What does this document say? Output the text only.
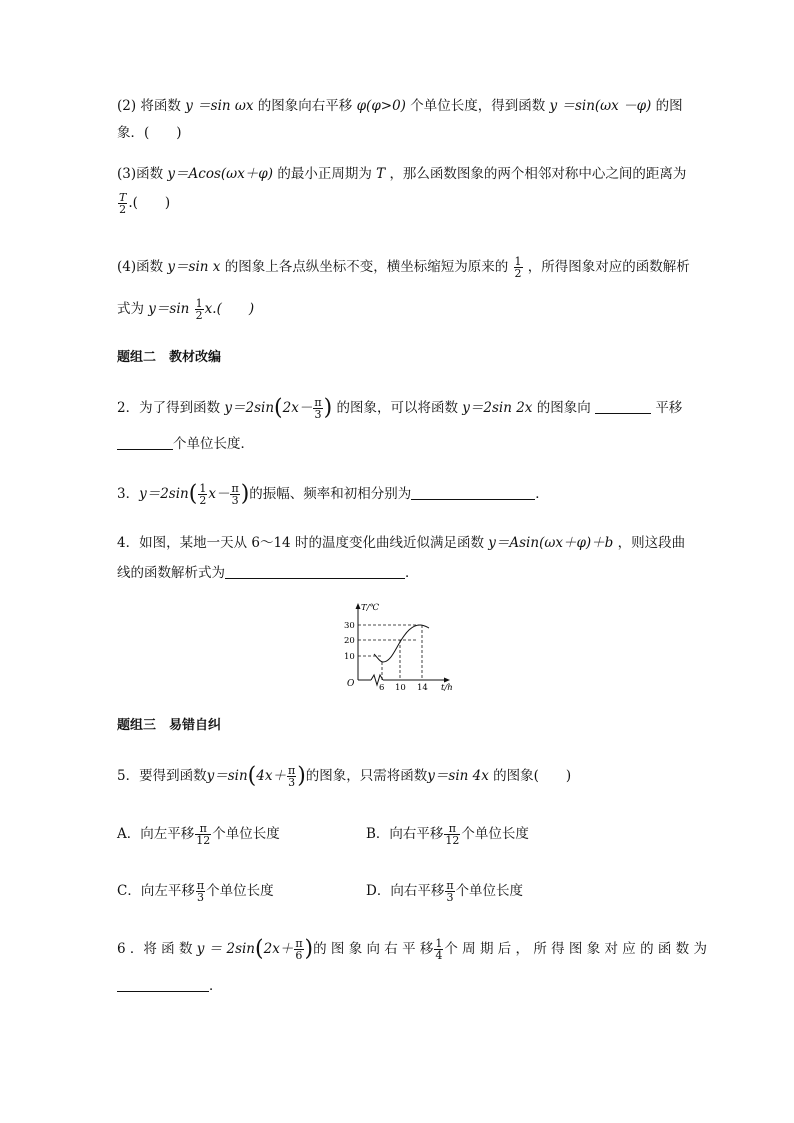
(2) 将函数 y ＝sin ωx 的图象向右平移 φ(φ>0) 个单位长度，得到函数 y ＝sin(ωx －φ) 的图
象．(　　)
(3)函数 y＝Acos(ωx＋φ) 的最小正周期为 T ，那么函数图象的两个相邻对称中心之间的距离为
$\frac{T}{2}$ .(　　)
(4)函数 y＝sin x 的图象上各点纵坐标不变，横坐标缩短为原来的 $\frac{1}{2}$ ，所得图象对应的函数解析
式为 $y=\sin \frac{1}{2} x$.(　　)
题组二　教材改编
2．为了得到函数 $y=2\sin(2x- \frac{\pi}{3}$ ) 的图象，可以将函数 y＝2sin 2x 的图象向	平移
个单位长度．
3．$y=2\sin( \frac{1}{2} x- \frac{\pi}{3}$ )的振幅、频率和初相分别为	．
4．如图，某地一天从 6～14 时的温度变化曲线近似满足函数 y＝Asin(ωx＋φ)＋b ，则这段曲
线的函数解析式为	．
T/℃
30
20
10
O	6 10 14 t/h
题组三　易错自纠
5．要得到函数$y=\sin(4x+ \frac{\pi}{3}$ )的图象，只需将函数y＝sin 4x 的图象(　　)
A．向左平移 $\frac{\pi}{12}$ 个单位长度	B．向右平移 $\frac{\pi}{12}$ 个单位长度
C．向左平移 $\frac{\pi}{3}$ 个单位长度	D．向右平移 $\frac{\pi}{3}$ 个单位长度
6 ．将 函 数 $y = 2\sin(2x+ \frac{\pi}{6}$ )的 图 象 向 右 平 移 $\frac{1}{4}$ 个 周 期 后 ， 所 得 图 象 对 应 的 函 数 为
．
